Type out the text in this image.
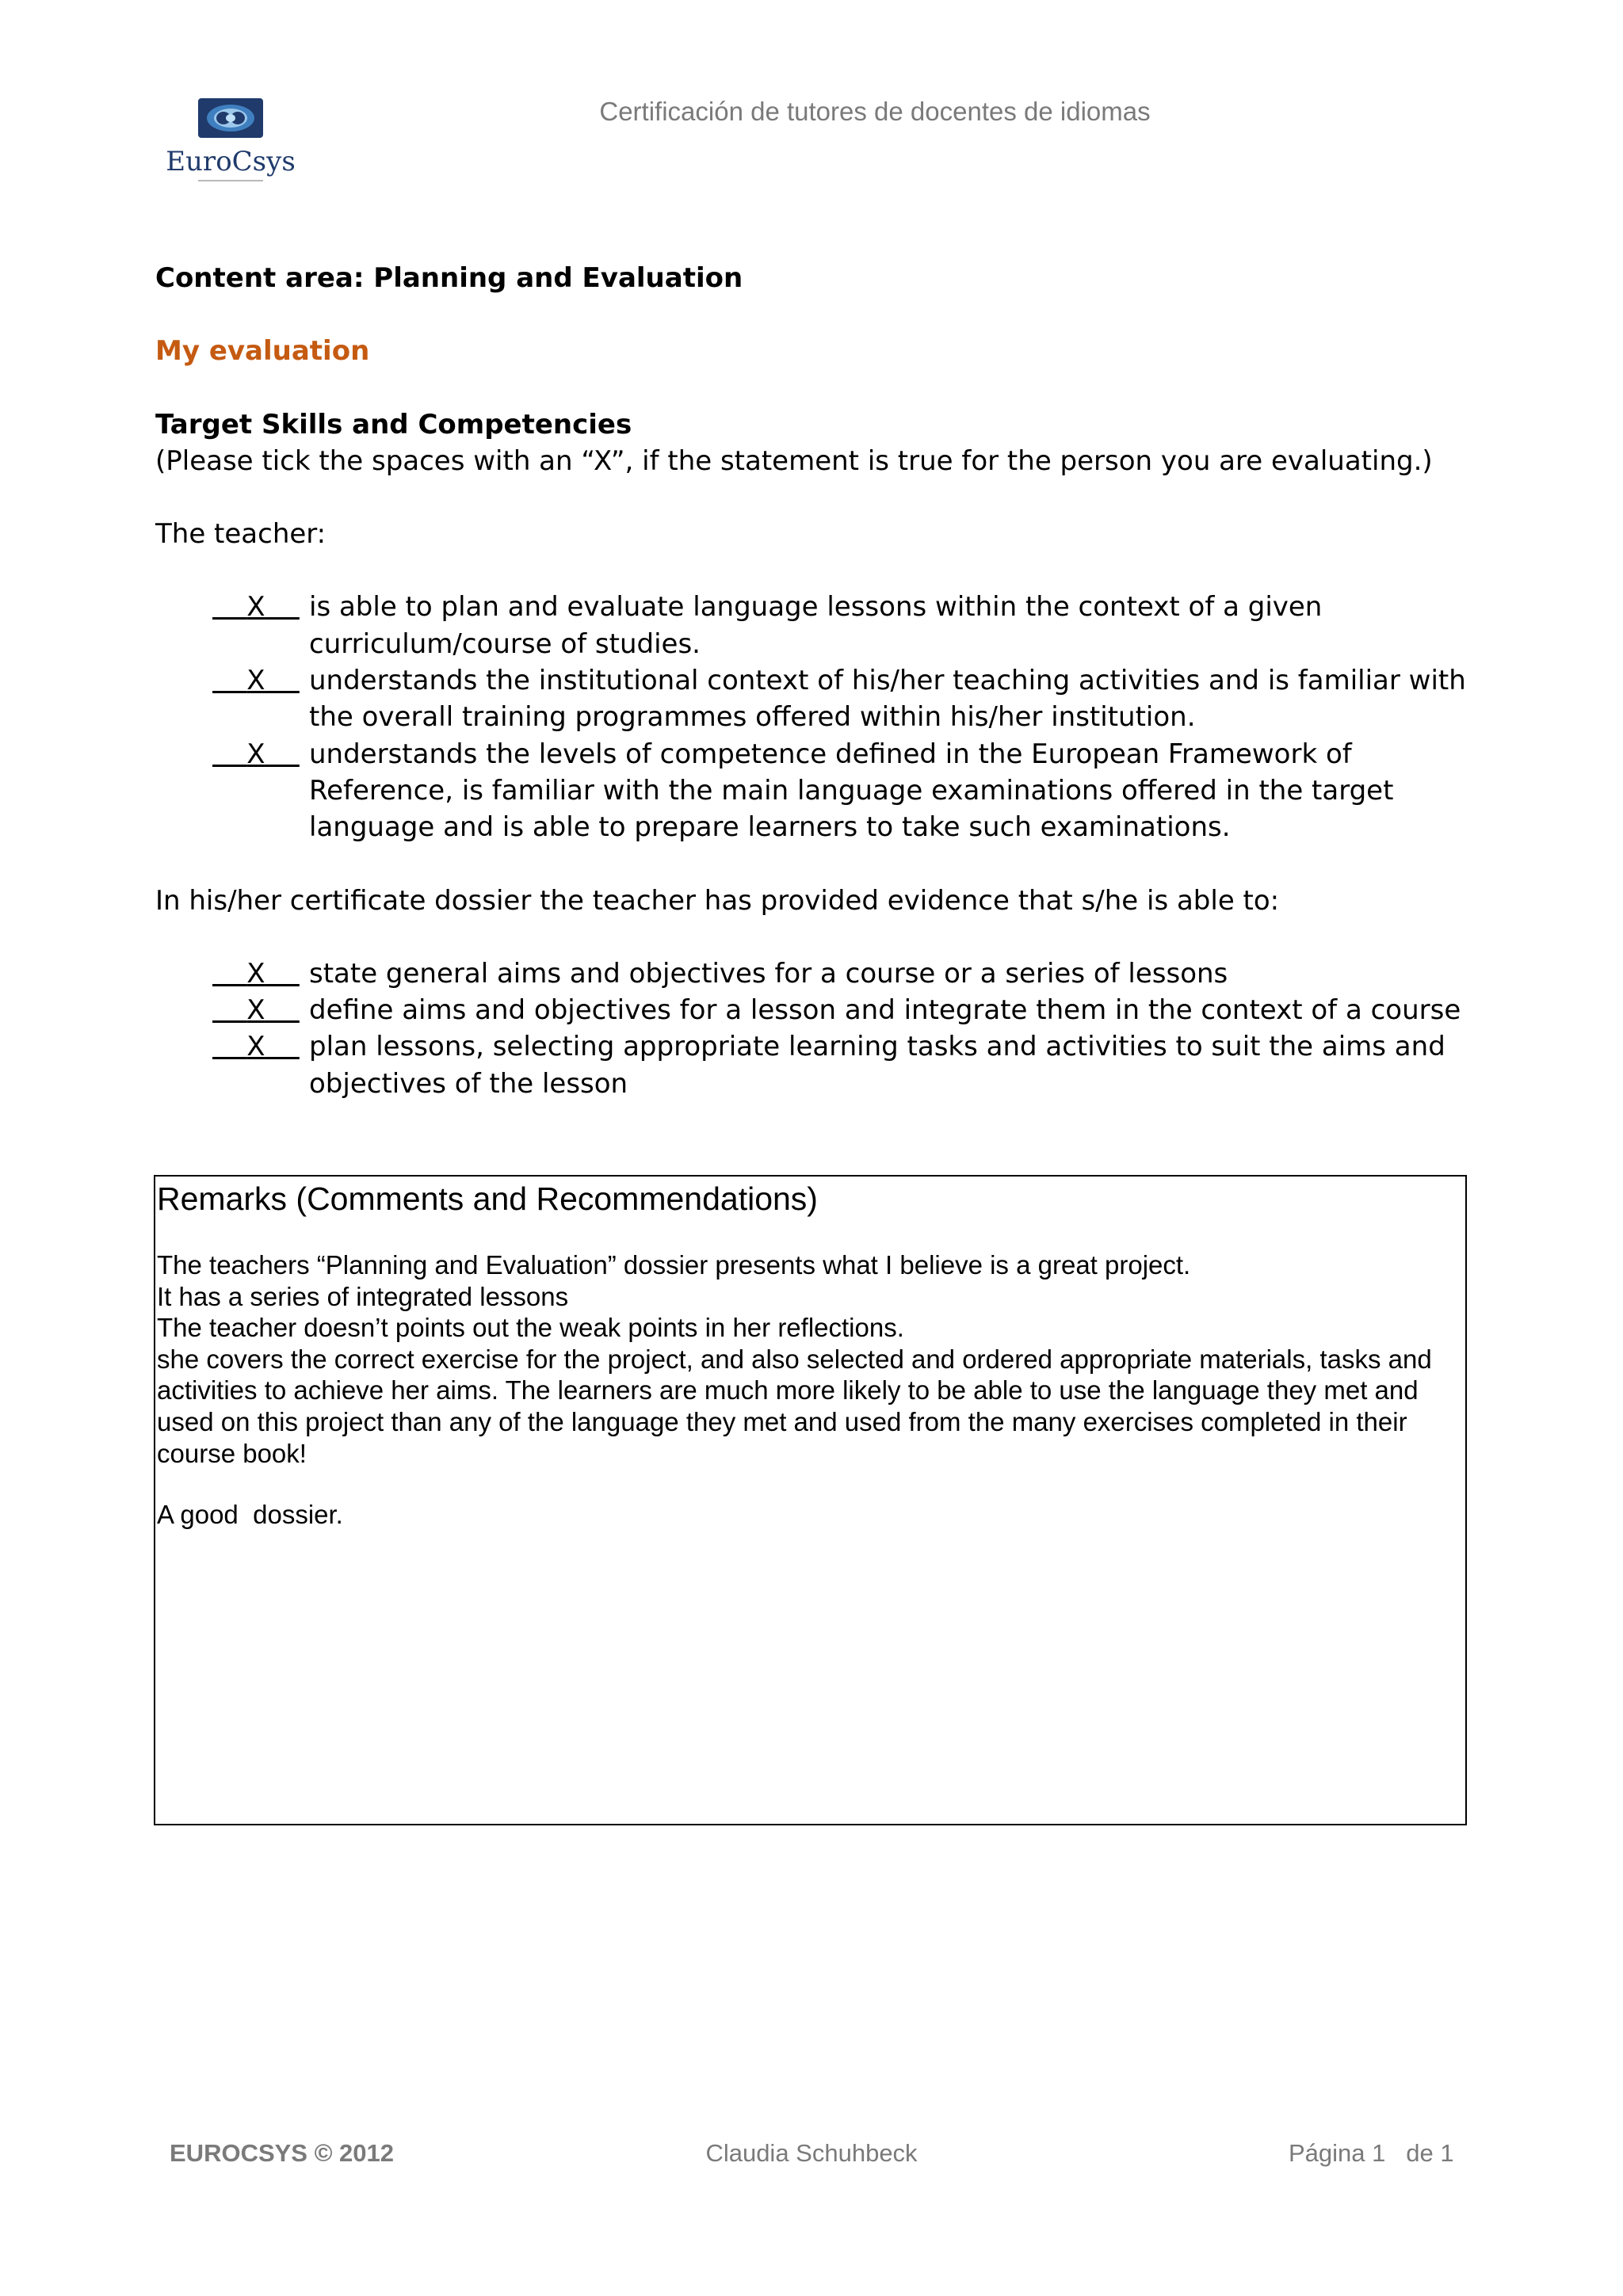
EuroCsys
Certificación de tutores de docentes de idiomas

Content area: Planning and Evaluation

My evaluation

Target Skills and Competencies

(Please tick the spaces with an “X”, if the statement is true for the person you are evaluating.)

The teacher:

  X  	is able to plan and evaluate language lessons within the context of a given curriculum/course of studies.
  X  	understands the institutional context of his/her teaching activities and is familiar with the overall training programmes offered within his/her institution.
  X  	understands the levels of competence defined in the European Framework of Reference, is familiar with the main language examinations offered in the target language and is able to prepare learners to take such examinations.

In his/her certificate dossier the teacher has provided evidence that s/he is able to:

  X  	state general aims and objectives for a course or a series of lessons
  X  	define aims and objectives for a lesson and integrate them in the context of a course
  X  	plan lessons, selecting appropriate learning tasks and activities to suit the aims and objectives of the lesson
Remarks (Comments and Recommendations)

The teachers “Planning and Evaluation” dossier presents what I believe is a great project.

It has a series of integrated lessons

The teacher doesn’t points out the weak points in her reflections.

she covers the correct exercise for the project, and also selected and ordered appropriate materials, tasks and activities to achieve her aims. The learners are much more likely to be able to use the language they met and used on this project than any of the language they met and used from the many exercises completed in their course book!

A good  dossier.
EUROCSYS © 2012	Claudia Schuhbeck	Página 1   de 1
